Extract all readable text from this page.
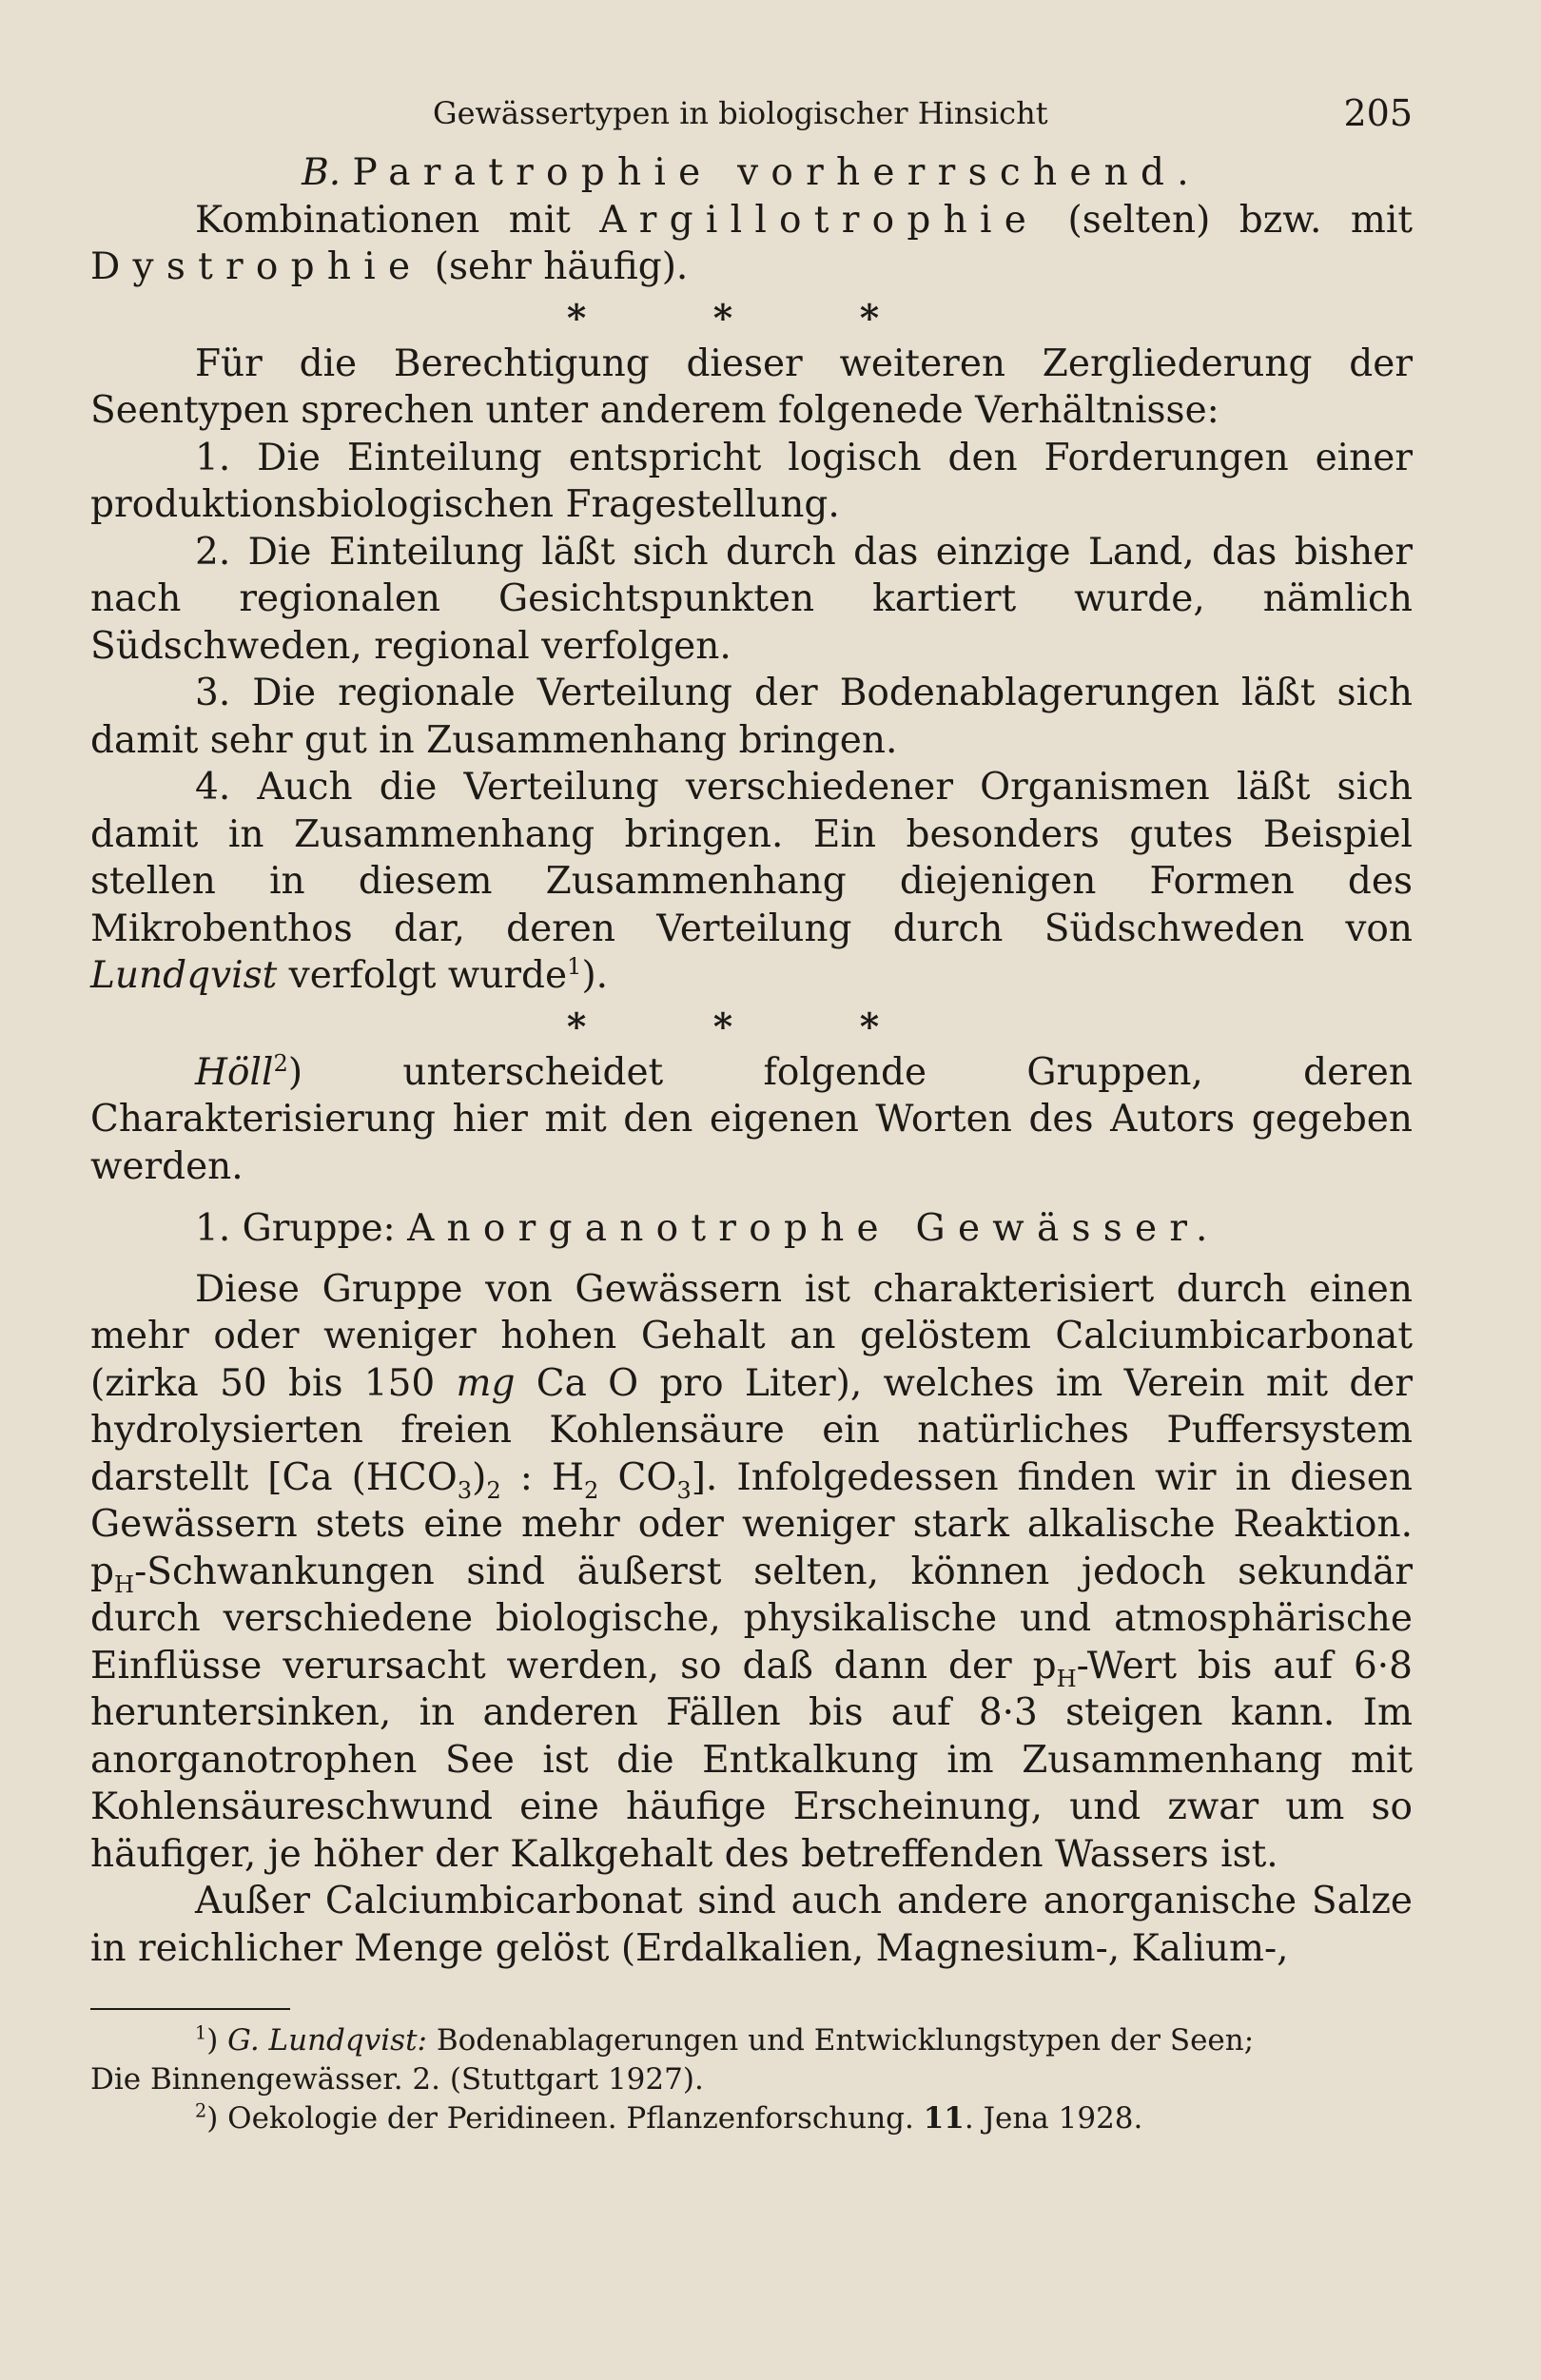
Gewässertypen in biologischer Hinsicht	205

B. Paratrophie vorherrschend.

Kombinationen mit Argillotrophie (selten) bzw. mit Dystrophie (sehr häufig).

* * *

Für die Berechtigung dieser weiteren Zergliederung der Seentypen sprechen unter anderem folgenede Verhältnisse:

1. Die Einteilung entspricht logisch den Forderungen einer produktionsbiologischen Fragestellung.

2. Die Einteilung läßt sich durch das einzige Land, das bisher nach regionalen Gesichtspunkten kartiert wurde, nämlich Südschweden, regional verfolgen.

3. Die regionale Verteilung der Bodenablagerungen läßt sich damit sehr gut in Zusammenhang bringen.

4. Auch die Verteilung verschiedener Organismen läßt sich damit in Zusammenhang bringen. Ein besonders gutes Beispiel stellen in diesem Zusammenhang diejenigen Formen des Mikrobenthos dar, deren Verteilung durch Südschweden von Lundqvist verfolgt wurde$^1$).

* * *

Höll$^2$) unterscheidet folgende Gruppen, deren Charakterisierung hier mit den eigenen Worten des Autors gegeben werden.

1. Gruppe: Anorganotrophe Gewässer.

Diese Gruppe von Gewässern ist charakterisiert durch einen mehr oder weniger hohen Gehalt an gelöstem Calciumbicarbonat (zirka 50 bis 150 mg Ca O pro Liter), welches im Verein mit der hydrolysierten freien Kohlensäure ein natürliches Puffersystem darstellt [Ca $(HCO_3)_2$ : $H_2$ $CO_3$]. Infolgedessen finden wir in diesen Gewässern stets eine mehr oder weniger stark alkalische Reaktion. $p_H$-Schwankungen sind äußerst selten, können jedoch sekundär durch verschiedene biologische, physikalische und atmosphärische Einflüsse verursacht werden, so daß dann der $p_H$-Wert bis auf 6·8 heruntersinken, in anderen Fällen bis auf 8·3 steigen kann. Im anorganotrophen See ist die Entkalkung im Zusammenhang mit Kohlensäureschwund eine häufige Erscheinung, und zwar um so häufiger, je höher der Kalkgehalt des betreffenden Wassers ist.

Außer Calciumbicarbonat sind auch andere anorganische Salze in reichlicher Menge gelöst (Erdalkalien, Magnesium-, Kalium-,

$^1$) G. Lundqvist: Bodenablagerungen und Entwicklungstypen der Seen;

Die Binnengewässer. 2. (Stuttgart 1927).

$^2$) Oekologie der Peridineen. Pflanzenforschung. 11. Jena 1928.
